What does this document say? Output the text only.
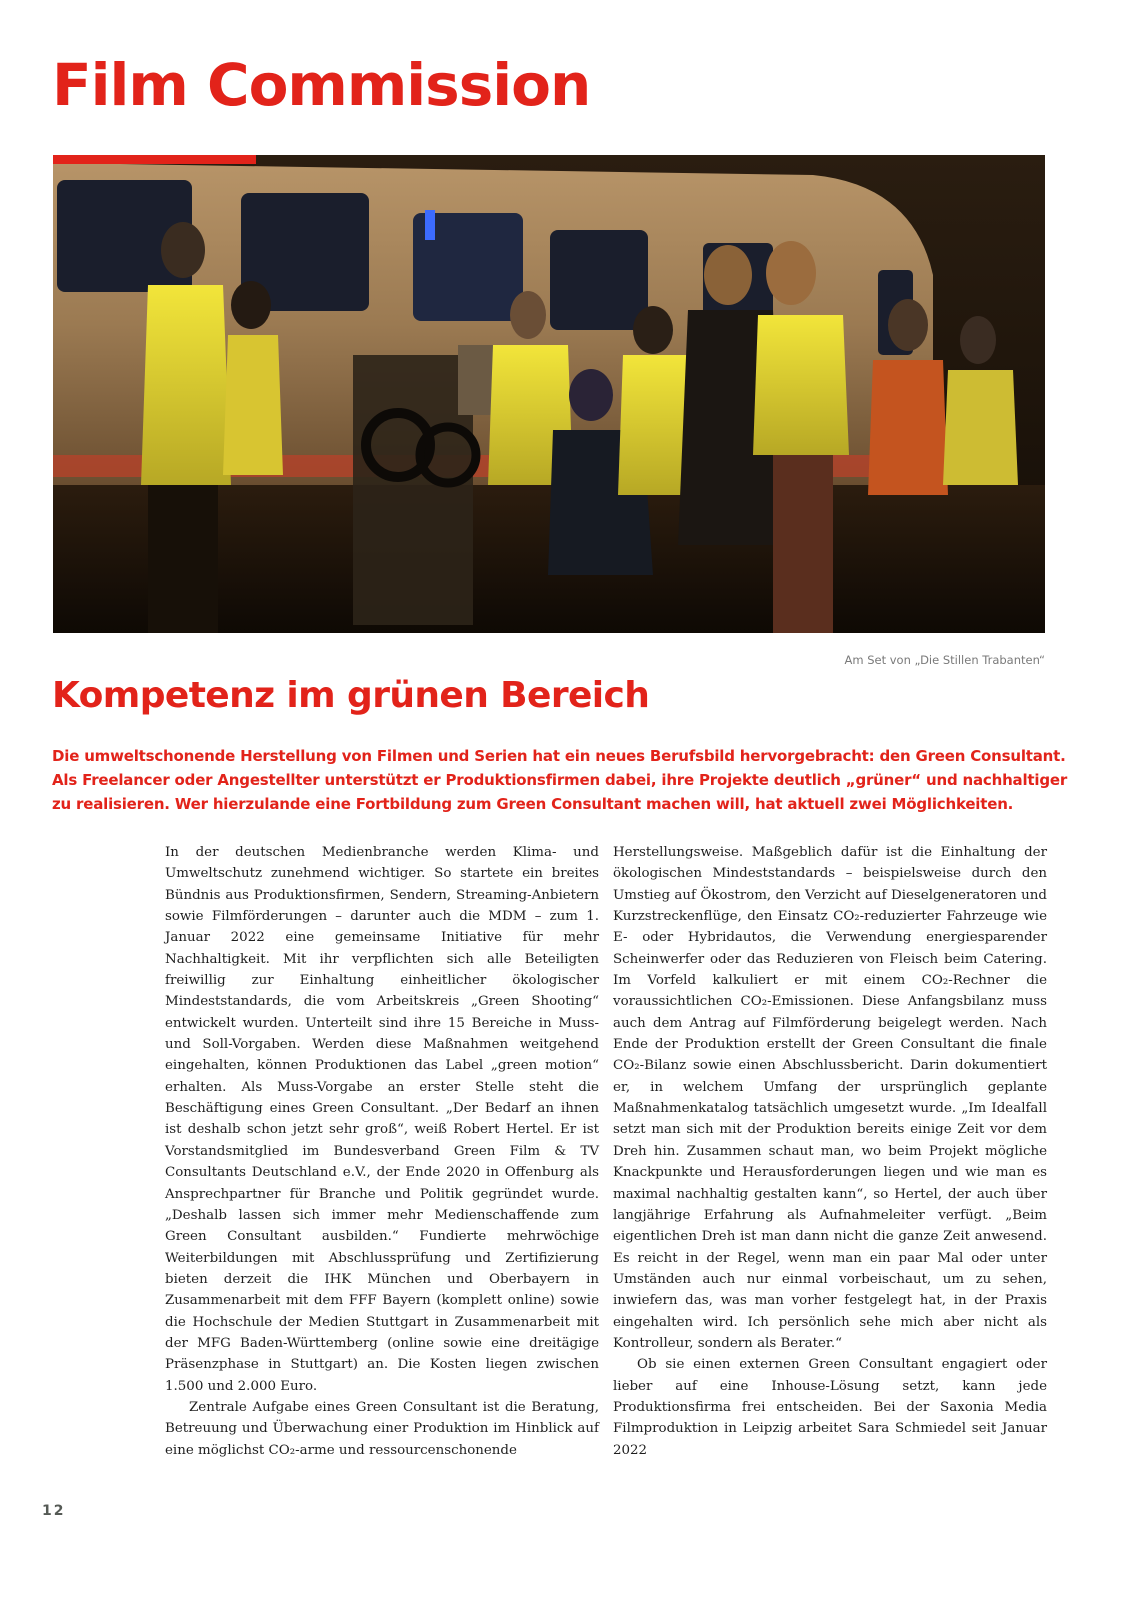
Film Commission
Am Set von „Die Stillen Trabanten“
Kompetenz im grünen Bereich
Die umweltschonende Herstellung von Filmen und Serien hat ein neues Berufsbild hervorgebracht: den Green Consultant.
Als Freelancer oder Angestellter unterstützt er Produktionsfirmen dabei, ihre Projekte deutlich „grüner“ und nachhaltiger
zu realisieren. Wer hierzulande eine Fortbildung zum Green Consultant machen will, hat aktuell zwei Möglichkeiten.

In der deutschen Medienbranche werden Klima- und Umweltschutz zunehmend wichtiger. So startete ein breites Bündnis aus Produktionsfirmen, Sendern, Streaming-Anbietern sowie Filmförderungen – darunter auch die MDM – zum 1. Januar 2022 eine gemeinsame Initiative für mehr Nachhaltigkeit. Mit ihr verpflichten sich alle Beteiligten freiwillig zur Einhaltung einheitlicher ökologischer Mindeststandards, die vom Arbeitskreis „Green Shooting“ entwickelt wurden. Unterteilt sind ihre 15 Bereiche in Muss- und Soll-Vorgaben. Werden diese Maßnahmen weitgehend eingehalten, können Produktionen das Label „green motion“ erhalten. Als Muss-Vorgabe an erster Stelle steht die Beschäftigung eines Green Consultant. „Der Bedarf an ihnen ist deshalb schon jetzt sehr groß“, weiß Robert Hertel. Er ist Vorstandsmitglied im Bundesverband Green Film & TV Consultants Deutschland e.V., der Ende 2020 in Offenburg als Ansprechpartner für Branche und Politik gegründet wurde. „Deshalb lassen sich immer mehr Medienschaffende zum Green Consultant ausbilden.“ Fundierte mehrwöchige Weiterbildungen mit Abschlussprüfung und Zertifizierung bieten derzeit die IHK München und Oberbayern in Zusammenarbeit mit dem FFF Bayern (komplett online) sowie die Hochschule der Medien Stuttgart in Zusammenarbeit mit der MFG Baden-Württemberg (online sowie eine dreitägige Präsenzphase in Stuttgart) an. Die Kosten liegen zwischen 1.500 und 2.000 Euro.

Zentrale Aufgabe eines Green Consultant ist die Beratung, Betreuung und Überwachung einer Produktion im Hinblick auf eine möglichst CO₂-arme und ressourcenschonende

Herstellungsweise. Maßgeblich dafür ist die Einhaltung der ökologischen Mindeststandards – beispielsweise durch den Umstieg auf Ökostrom, den Verzicht auf Dieselgeneratoren und Kurzstreckenflüge, den Einsatz CO₂-reduzierter Fahrzeuge wie E- oder Hybridautos, die Verwendung energiesparender Scheinwerfer oder das Reduzieren von Fleisch beim Catering. Im Vorfeld kalkuliert er mit einem CO₂-Rechner die voraussichtlichen CO₂-Emissionen. Diese Anfangsbilanz muss auch dem Antrag auf Filmförderung beigelegt werden. Nach Ende der Produktion erstellt der Green Consultant die finale CO₂-Bilanz sowie einen Abschlussbericht. Darin dokumentiert er, in welchem Umfang der ursprünglich geplante Maßnahmenkatalog tatsächlich umgesetzt wurde. „Im Idealfall setzt man sich mit der Produktion bereits einige Zeit vor dem Dreh hin. Zusammen schaut man, wo beim Projekt mögliche Knackpunkte und Herausforderungen liegen und wie man es maximal nachhaltig gestalten kann“, so Hertel, der auch über langjährige Erfahrung als Aufnahmeleiter verfügt. „Beim eigentlichen Dreh ist man dann nicht die ganze Zeit anwesend. Es reicht in der Regel, wenn man ein paar Mal oder unter Umständen auch nur einmal vorbeischaut, um zu sehen, inwiefern das, was man vorher festgelegt hat, in der Praxis eingehalten wird. Ich persönlich sehe mich aber nicht als Kontrolleur, sondern als Berater.“

Ob sie einen externen Green Consultant engagiert oder lieber auf eine Inhouse-Lösung setzt, kann jede Produktionsfirma frei entscheiden. Bei der Saxonia Media Filmproduktion in Leipzig arbeitet Sara Schmiedel seit Januar 2022

12
